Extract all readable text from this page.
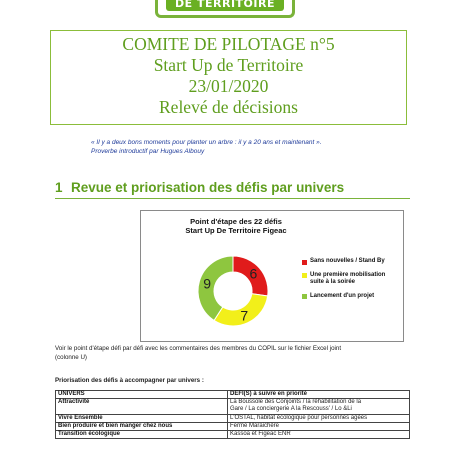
DE TERRITOIRE
COMITE DE PILOTAGE n°5
Start Up de Territoire
23/01/2020
Relevé de décisions
« Il y a deux bons moments pour planter un arbre : il y a 20 ans et maintenant ».
Proverbe introductif par Hugues Albouy
1 Revue et priorisation des défis par univers
Point d'étape des 22 défis
Start Up De Territoire Figeac
6
7
9
Sans nouvelles / Stand By
Une première mobilisation
suite à la soirée
Lancement d'un projet
Voir le point d'étape défi par défi avec les commentaires des membres du COPIL sur le fichier Excel joint
(colonne U)
Priorisation des défis à accompagner par univers :
UNIVERS	DEFI(S) à suivre en priorité
Attractivité	La Boussole des Conjoints / la réhabilitation de la
Gare / La conciergerie A la Rescouss' / Lo &Li

Vivre Ensemble	L'OSTAL, habitat écologique pour personnes agées

Bien produire et bien manger chez nous	Ferme Maraichère

Transition écologique	Kassoa et Figeac ENR
